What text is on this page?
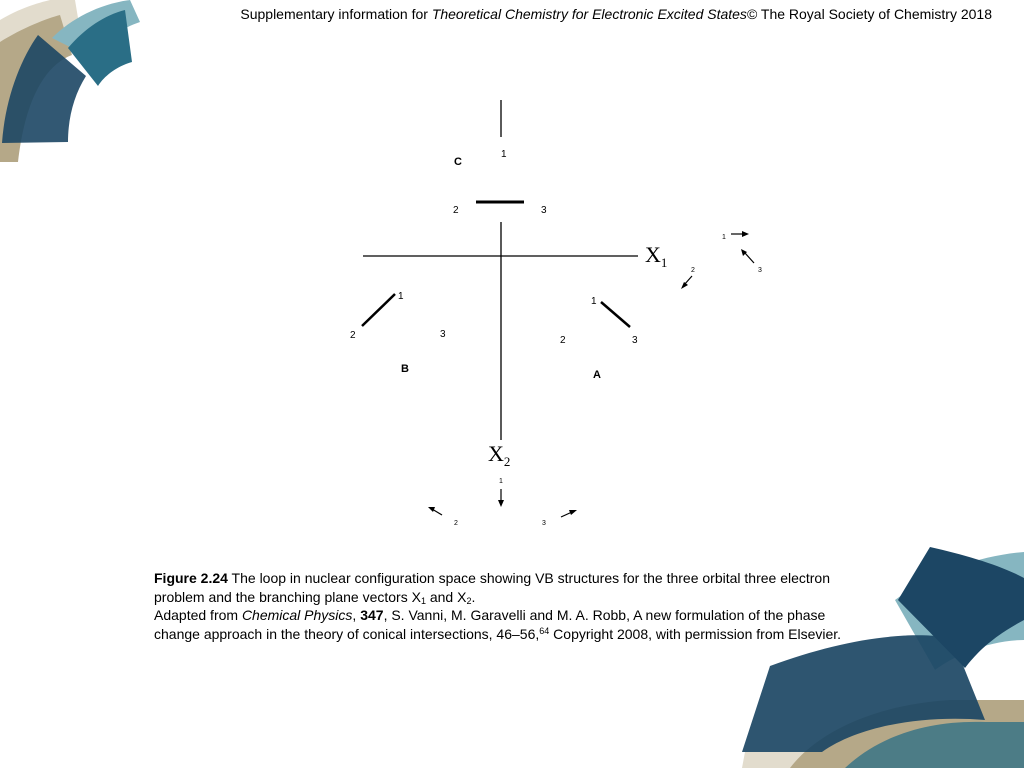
Supplementary information for Theoretical Chemistry for Electronic Excited States© The Royal Society of Chemistry 2018
$X_1$
$X_2$
1
C
2	3
1
2	3
B
1
2	3
A
1
3
2
1
2	3
Figure 2.24 The loop in nuclear configuration space showing VB structures for the three orbital three electron problem and the branching plane vectors $X_1$ and $X_2$.
Adapted from Chemical Physics, 347, S. Vanni, M. Garavelli and M. A. Robb, A new formulation of the phase change approach in the theory of conical intersections, 46–56,64 Copyright 2008, with permission from Elsevier.
